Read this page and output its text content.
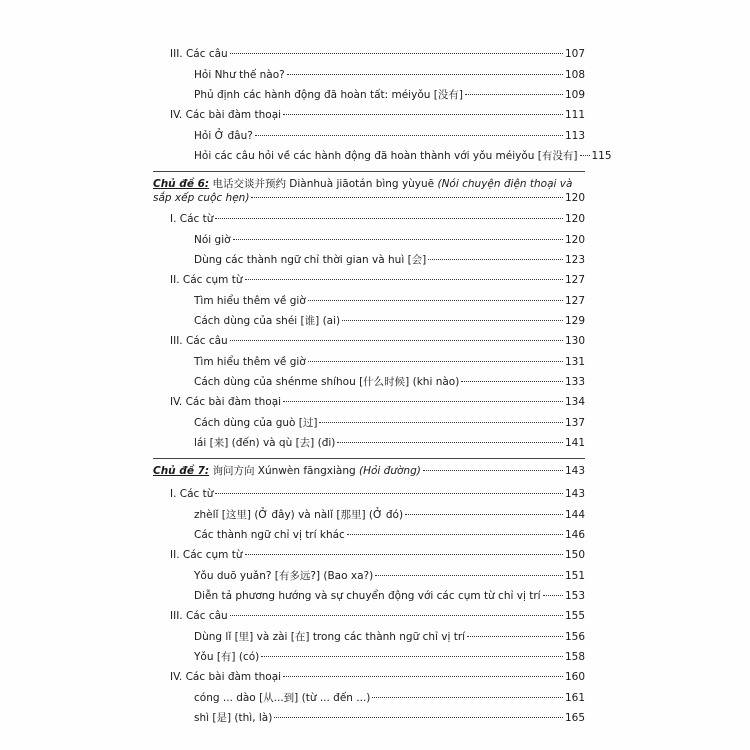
III. Các câu	107
Hỏi Như thế nào?	108
Phủ định các hành động đã hoàn tất: méiyǒu [没有]	109
IV. Các bài đàm thoại	111
Hỏi Ở đâu?	113
Hỏi các câu hỏi về các hành động đã hoàn thành với yǒu méiyǒu [有没有] 115
Chủ đề 6: 电话交谈并预约 Diànhuà jiāotán bìng yùyuē (Nói chuyện điện thoại và
sắp xếp cuộc hẹn)	120
I. Các từ	120
Nói giờ	120
Dùng các thành ngữ chỉ thời gian và huì [会]	123
II. Các cụm từ	127
Tìm hiểu thêm về giờ	127
Cách dùng của shéi [谁] (ai)	129
III. Các câu	130
Tìm hiểu thêm về giờ	131
Cách dùng của shénme shíhou [什么时候] (khi nào)	133
IV. Các bài đàm thoại	134
Cách dùng của guò [过]	137
lái [来] (đến) và qù [去] (đi)	141
Chủ đề 7: 询问方向 Xúnwèn fāngxiàng (Hỏi đường)	143
I. Các từ	143
zhèlǐ [这里] (Ở đây) và nàlǐ [那里] (Ở đó)	144
Các thành ngữ chỉ vị trí khác	146
II. Các cụm từ	150
Yǒu duō yuǎn? [有多远?] (Bao xa?)	151
Diễn tả phương hướng và sự chuyển động với các cụm từ chỉ vị trí 153
III. Các câu	155
Dùng lǐ [里] và zài [在] trong các thành ngữ chỉ vị trí	156
Yǒu [有] (có)	158
IV. Các bài đàm thoại	160
cóng ... dào [从...到] (từ ... đến ...)	161
shì [是] (thì, là)	165
